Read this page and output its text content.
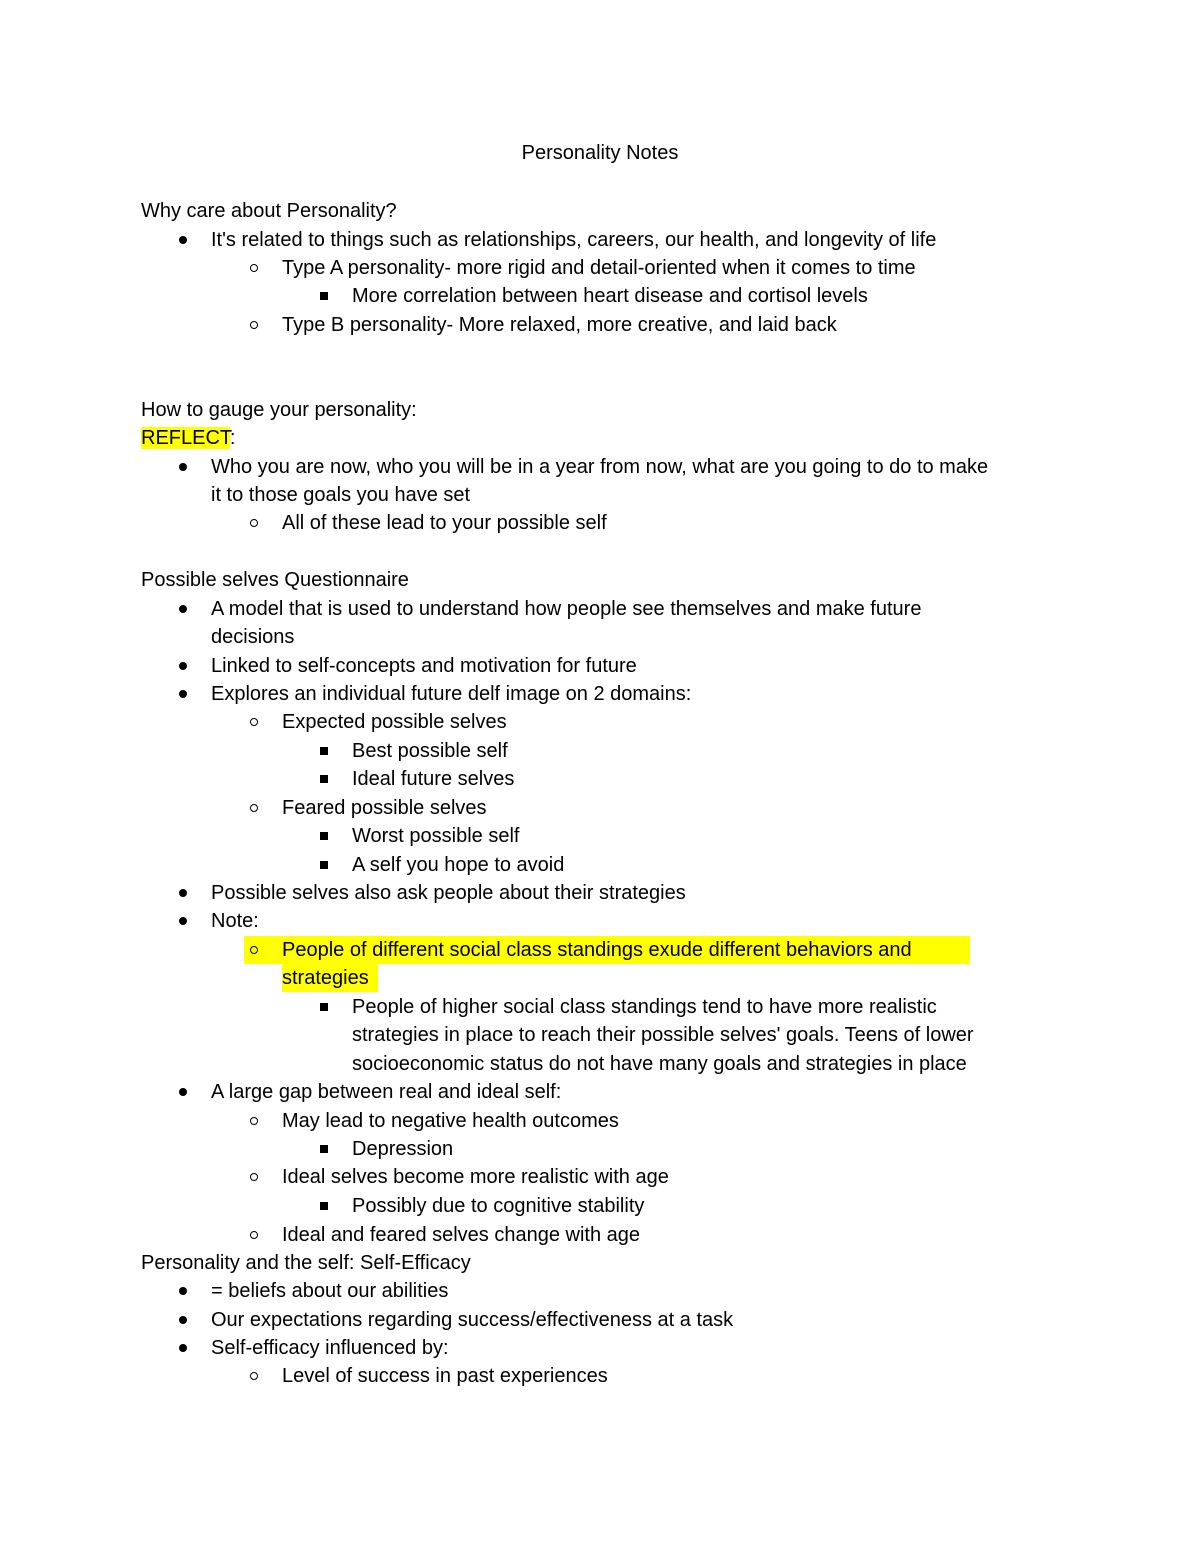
Personality Notes
Why care about Personality?
It's related to things such as relationships, careers, our health, and longevity of life
Type A personality- more rigid and detail-oriented when it comes to time
More correlation between heart disease and cortisol levels
Type B personality- More relaxed, more creative, and laid back
How to gauge your personality:
REFLECT:
Who you are now, who you will be in a year from now, what are you going to do to make
it to those goals you have set
All of these lead to your possible self
Possible selves Questionnaire
A model that is used to understand how people see themselves and make future
decisions
Linked to self-concepts and motivation for future
Explores an individual future delf image on 2 domains:
Expected possible selves
Best possible self
Ideal future selves
Feared possible selves
Worst possible self
A self you hope to avoid
Possible selves also ask people about their strategies
Note:
People of different social class standings exude different behaviors and
strategies
People of higher social class standings tend to have more realistic
strategies in place to reach their possible selves' goals. Teens of lower
socioeconomic status do not have many goals and strategies in place
A large gap between real and ideal self:
May lead to negative health outcomes
Depression
Ideal selves become more realistic with age
Possibly due to cognitive stability
Ideal and feared selves change with age
Personality and the self: Self-Efficacy
= beliefs about our abilities
Our expectations regarding success/effectiveness at a task
Self-efficacy influenced by:
Level of success in past experiences
